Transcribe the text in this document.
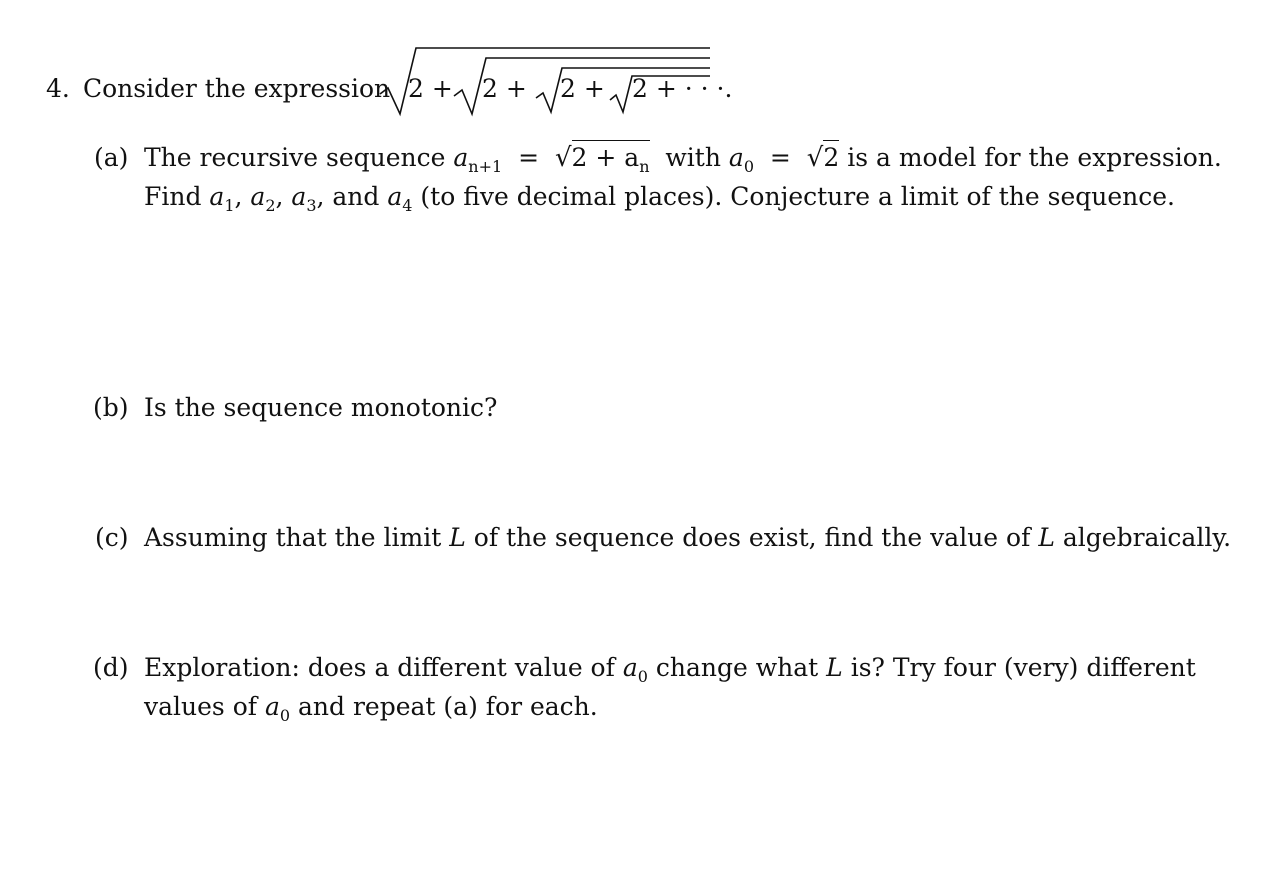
4. Consider the expression 2 + 2 + 2 + 2 + · · ·.
(a) The recursive sequence $a_{n+1} = √2 + a_n$ with $a_0 = √2$ is a model for the expression.
Find $a_1$, $a_2$, $a_3$, and $a_4$ (to five decimal places). Conjecture a limit of the sequence.
(b) Is the sequence monotonic?
(c) Assuming that the limit L of the sequence does exist, find the value of L algebraically.
(d) Exploration: does a different value of $a_0$ change what L is? Try four (very) different
values of $a_0$ and repeat (a) for each.
